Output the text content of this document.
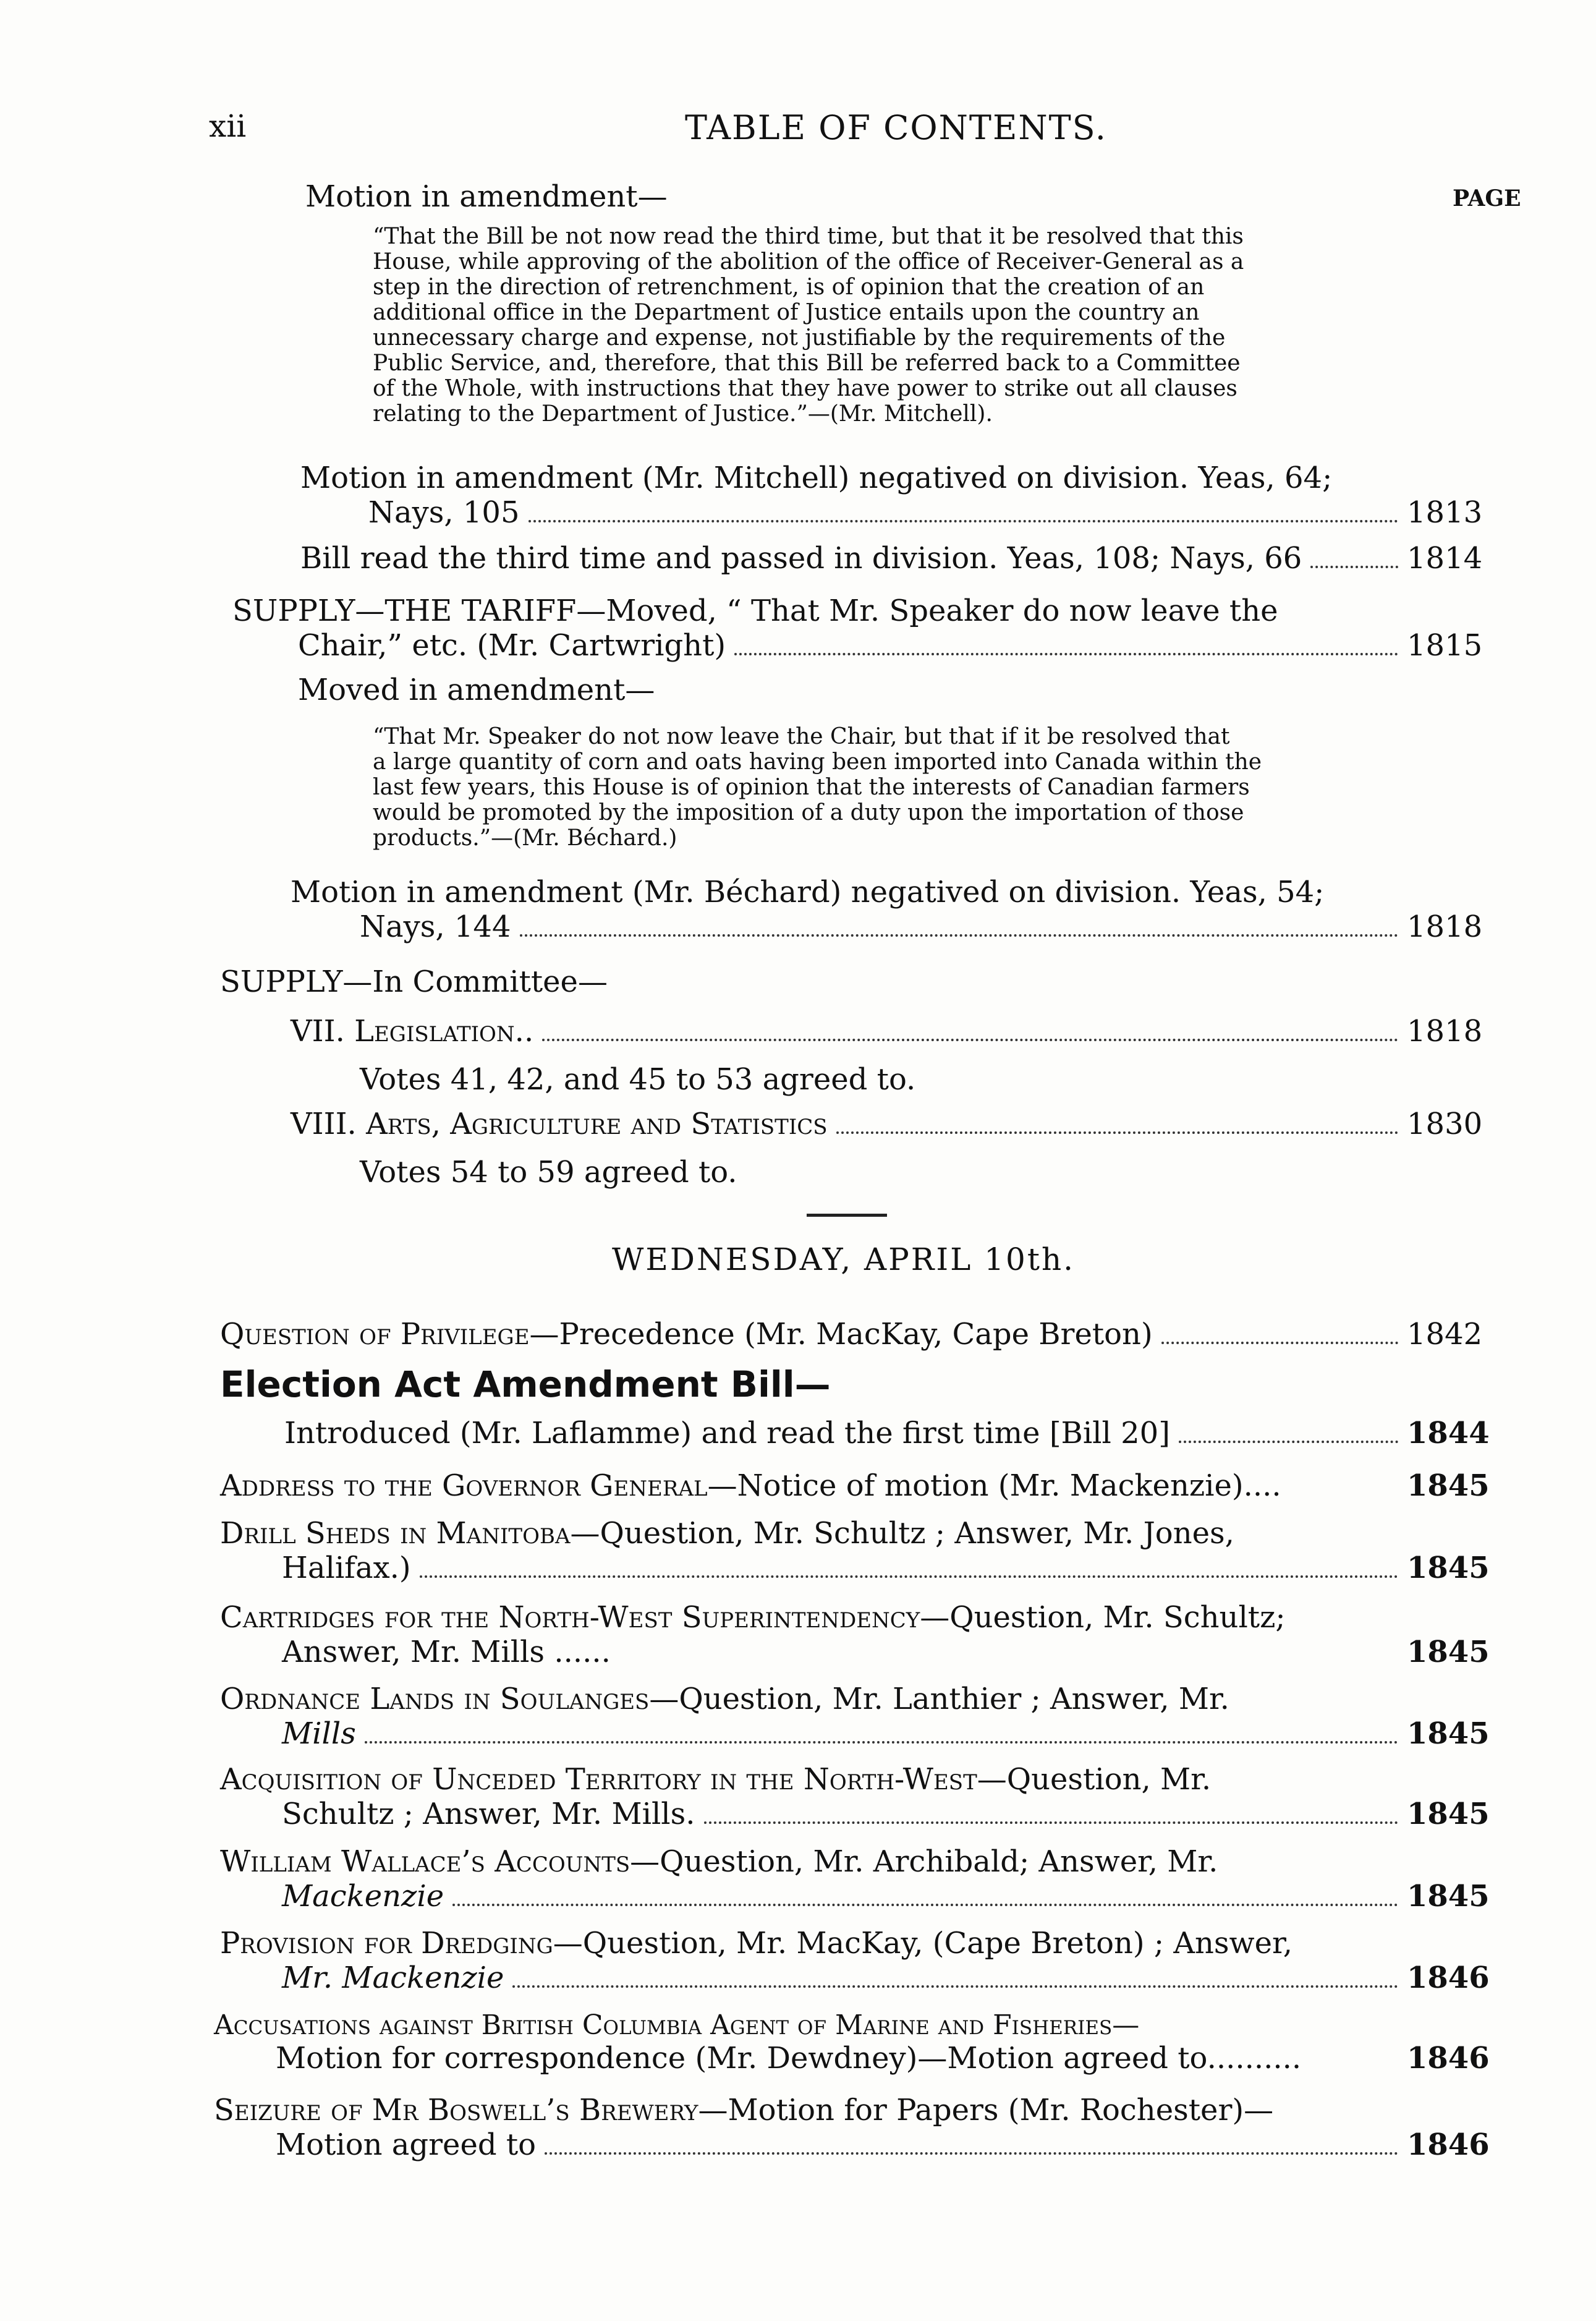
xii	TABLE OF CONTENTS.
PAGE
Motion in amendment—
“That the Bill be not now read the third time, but that it be resolved that this
House, while approving of the abolition of the office of Receiver-General as a
step in the direction of retrenchment, is of opinion that the creation of an
additional office in the Department of Justice entails upon the country an
unnecessary charge and expense, not justifiable by the requirements of the
Public Service, and, therefore, that this Bill be referred back to a Committee
of the Whole, with instructions that they have power to strike out all clauses
relating to the Department of Justice.”—(Mr. Mitchell).
Motion in amendment (Mr. Mitchell) negatived on division. Yeas, 64;
Nays, 105	1813
Bill read the third time and passed in division. Yeas, 108; Nays, 66	1814
SUPPLY—THE TARIFF—Moved, “ That Mr. Speaker do now leave the
Chair,” etc. (Mr. Cartwright)	1815
Moved in amendment—
“That Mr. Speaker do not now leave the Chair, but that if it be resolved that
a large quantity of corn and oats having been imported into Canada within the
last few years, this House is of opinion that the interests of Canadian farmers
would be promoted by the imposition of a duty upon the importation of those
products.”—(Mr. Béchard.)
Motion in amendment (Mr. Béchard) negatived on division. Yeas, 54;
Nays, 144	1818
SUPPLY—In Committee—
VII. Legislation..	1818
Votes 41, 42, and 45 to 53 agreed to.
VIII. Arts, Agriculture and Statistics	1830
Votes 54 to 59 agreed to.
WEDNESDAY, APRIL 10th.
Question of Privilege—Precedence (Mr. MacKay, Cape Breton)	1842
Election Act Amendment Bill—
Introduced (Mr. Laflamme) and read the first time [Bill 20]	1844
Address to the Governor General—Notice of motion (Mr. Mackenzie)....	1845
Drill Sheds in Manitoba—Question, Mr. Schultz ; Answer, Mr. Jones,
Halifax.)	1845
Cartridges for the North-West Superintendency—Question, Mr. Schultz;
Answer, Mr. Mills ......	1845
Ordnance Lands in Soulanges—Question, Mr. Lanthier ; Answer, Mr.
Mills	1845
Acquisition of Unceded Territory in the North-West—Question, Mr.
Schultz ; Answer, Mr. Mills.	1845
William Wallace’s Accounts—Question, Mr. Archibald; Answer, Mr.
Mackenzie	1845
Provision for Dredging—Question, Mr. MacKay, (Cape Breton) ; Answer,
Mr. Mackenzie	1846
Accusations against British Columbia Agent of Marine and Fisheries—
Motion for correspondence (Mr. Dewdney)—Motion agreed to..........	1846
Seizure of Mr Boswell’s Brewery—Motion for Papers (Mr. Rochester)—
Motion agreed to	1846
